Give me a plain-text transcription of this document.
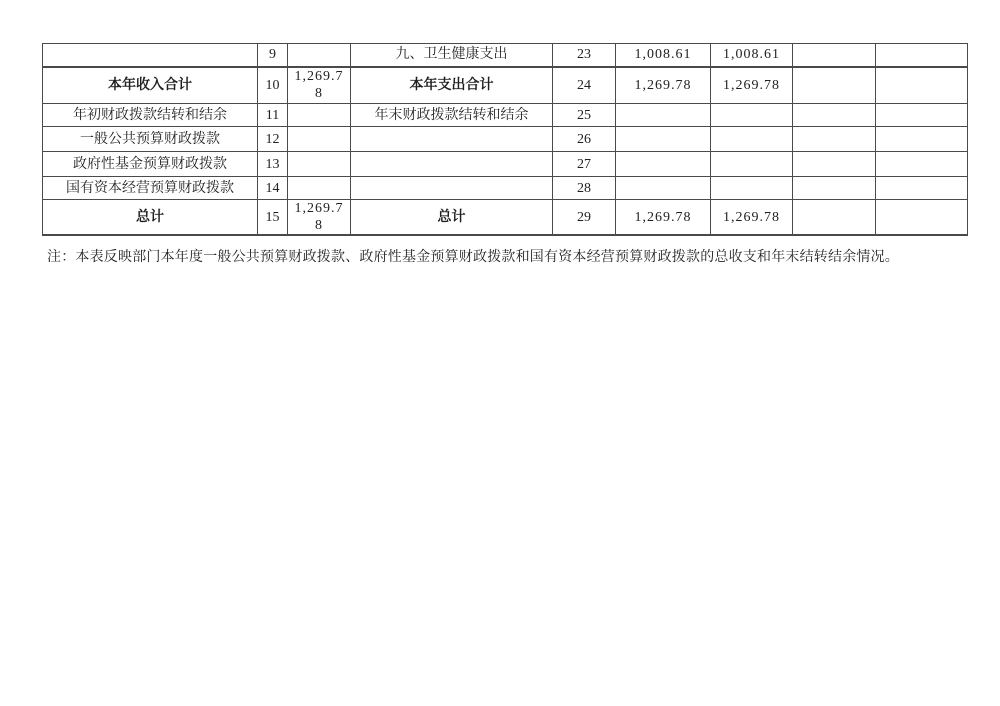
	9		九、卫生健康支出	23	1,008.61	1,008.61		
本年收入合计	10	1,269.78	本年支出合计	24	1,269.78	1,269.78		
年初财政拨款结转和结余	11		年末财政拨款结转和结余	25				
一般公共预算财政拨款	12			26				
政府性基金预算财政拨款	13			27				
国有资本经营预算财政拨款	14			28				
总计	15	1,269.78	总计	29	1,269.78	1,269.78		
注：本表反映部门本年度一般公共预算财政拨款、政府性基金预算财政拨款和国有资本经营预算财政拨款的总收支和年末结转结余情况。
